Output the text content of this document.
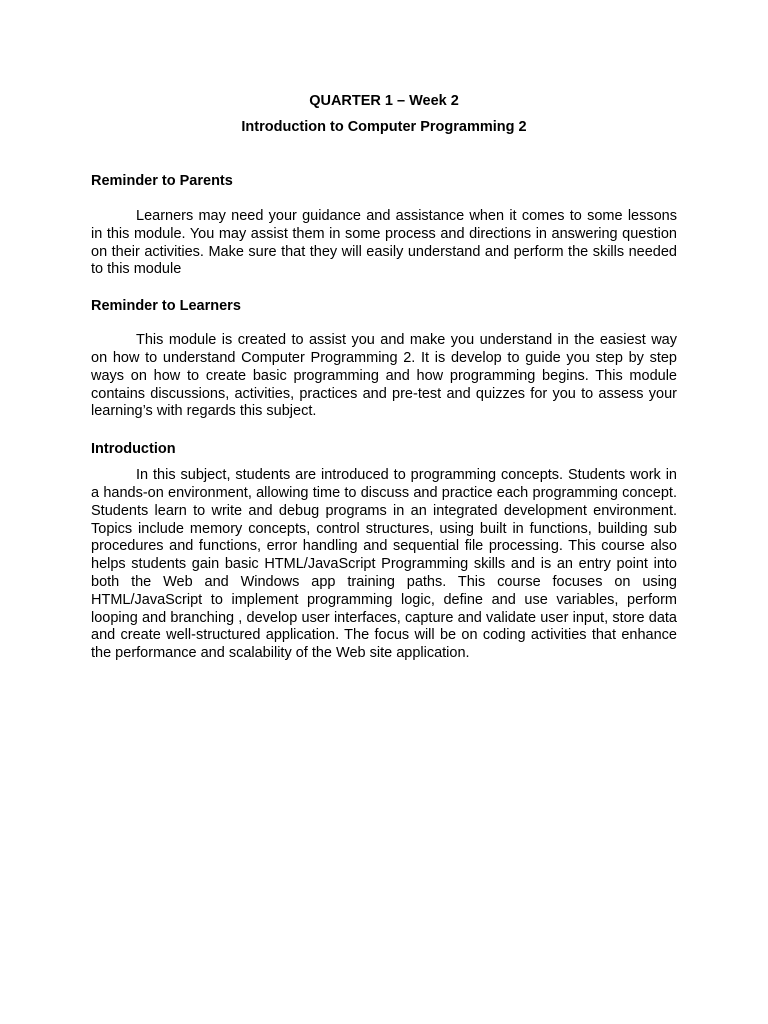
QUARTER 1 – Week 2

Introduction to Computer Programming 2

Reminder to Parents

Learners may need your guidance and assistance when it comes to some lessons in this module. You may assist them in some process and directions in answering question on their activities. Make sure that they will easily understand and perform the skills needed to this module

Reminder to Learners

This module is created to assist you and make you understand in the easiest way on how to understand Computer Programming 2. It is develop to guide you step by step ways on how to create basic programming and how programming begins. This module contains discussions, activities, practices and pre-test and quizzes for you to assess your learning’s with regards this subject.

Introduction

In this subject, students are introduced to programming concepts. Students work in a hands-on environment, allowing time to discuss and practice each programming concept. Students learn to write and debug programs in an integrated development environment. Topics include memory concepts, control structures, using built in functions, building sub procedures and functions, error handling and sequential file processing. This course also helps students gain basic HTML/JavaScript Programming skills and is an entry point into both the Web and Windows app training paths. This course focuses on using HTML/JavaScript to implement programming logic, define and use variables, perform looping and branching , develop user interfaces, capture and validate user input, store data and create well-structured application. The focus will be on coding activities that enhance the performance and scalability of the Web site application.
